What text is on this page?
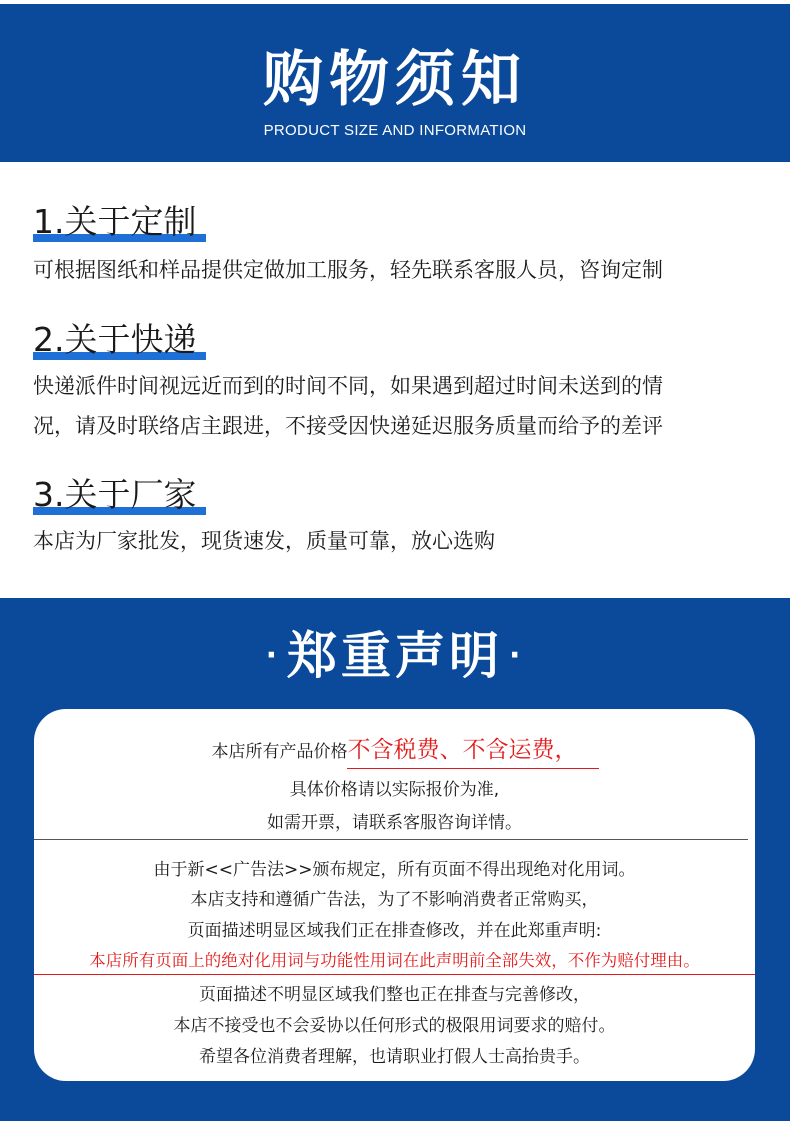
购物须知
PRODUCT SIZE AND INFORMATION
1.关于定制
可根据图纸和样品提供定做加工服务，轻先联系客服人员，咨询定制
2.关于快递
快递派件时间视远近而到的时间不同，如果遇到超过时间未送到的情
况，请及时联络店主跟进，不接受因快递延迟服务质量而给予的差评
3.关于厂家
本店为厂家批发，现货速发，质量可靠，放心选购
· 郑重声明 ·
本店所有产品价格不含税费、不含运费，
具体价格请以实际报价为准,
如需开票，请联系客服咨询详情。
由于新<<广告法>>颁布规定，所有页面不得出现绝对化用词。
本店支持和遵循广告法，为了不影响消费者正常购买，
页面描述明显区域我们正在排查修改，并在此郑重声明:
本店所有页面上的绝对化用词与功能性用词在此声明前全部失效，不作为赔付理由。
页面描述不明显区域我们整也正在排查与完善修改，
本店不接受也不会妥协以任何形式的极限用词要求的赔付。
希望各位消费者理解，也请职业打假人士高抬贵手。
